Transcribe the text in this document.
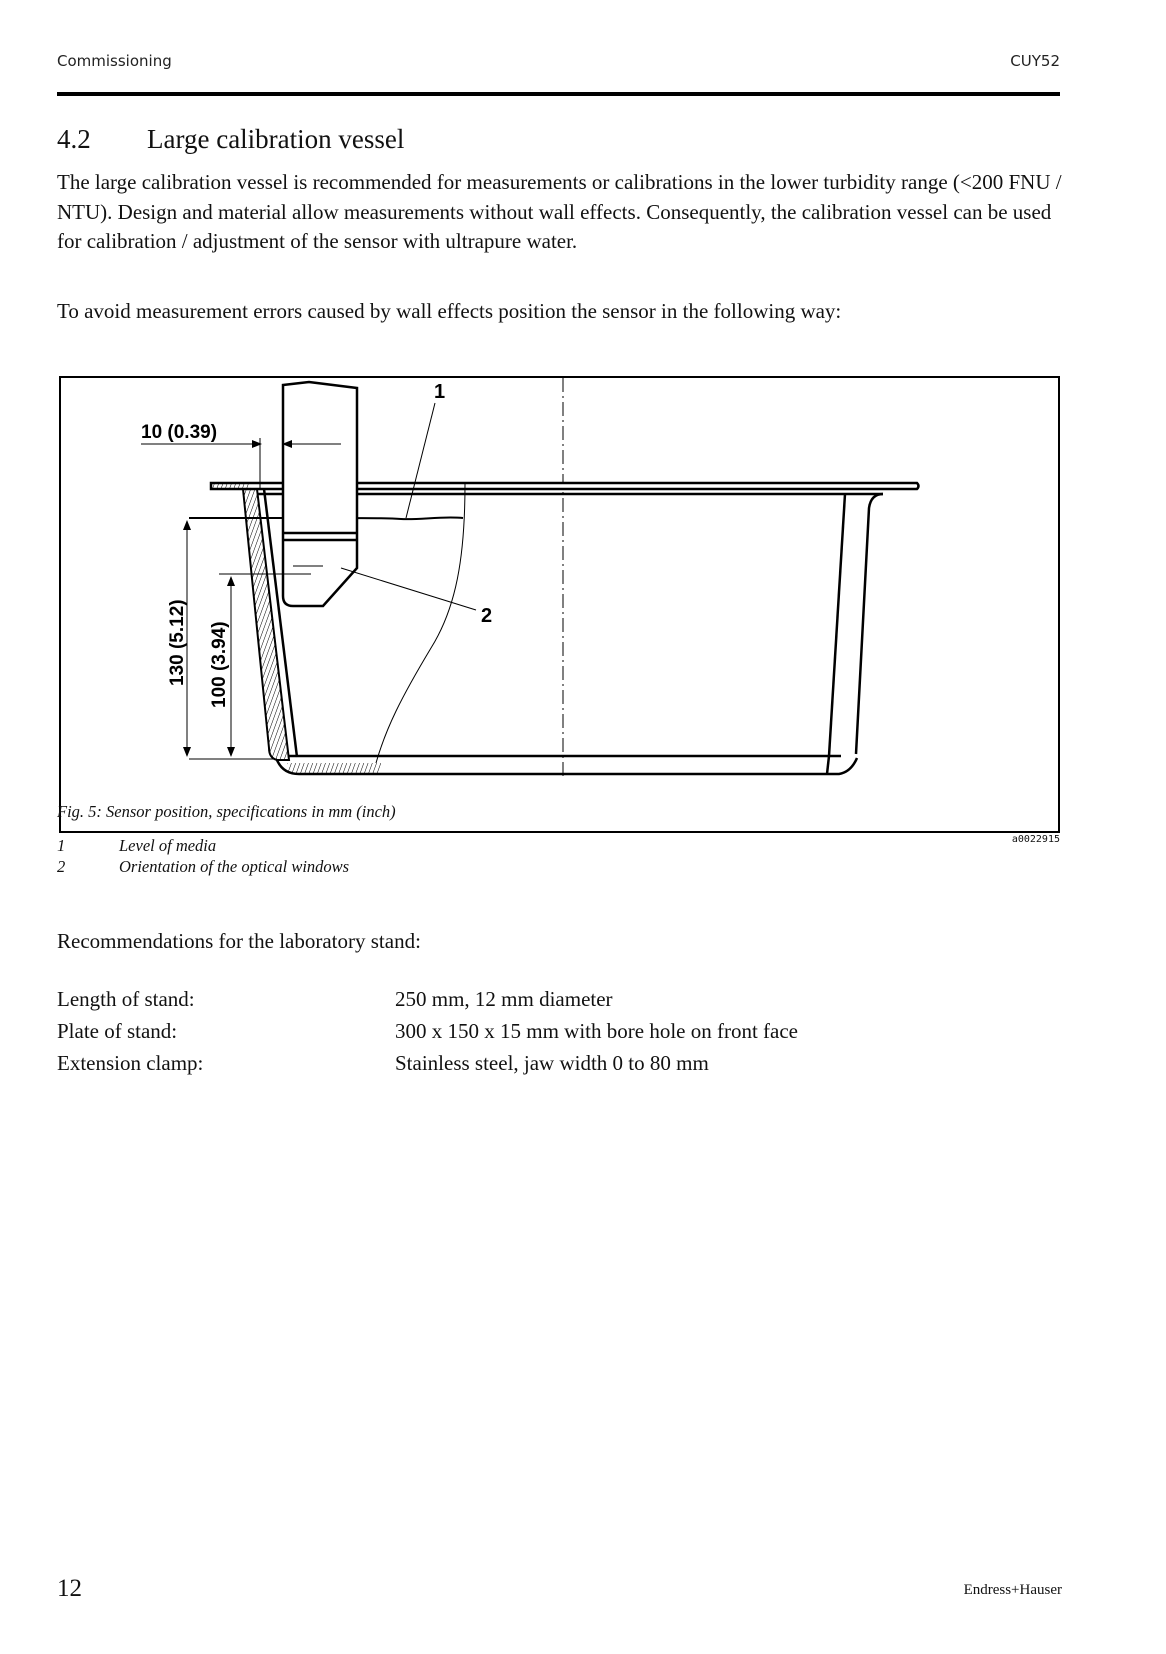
Commissioning	CUY52
4.2 Large calibration vessel
The large calibration vessel is recommended for measurements or calibrations in the lower turbidity range (<200 FNU / NTU). Design and material allow measurements without wall effects. Consequently, the calibration vessel can be used for calibration / adjustment of the sensor with ultrapure water.
To avoid measurement errors caused by wall effects position the sensor in the following way:
10 (0.39)
130 (5.12) 100 (3.94)
1
2
a0022915
Fig. 5: Sensor position, specifications in mm (inch)
1	Level of media
2	Orientation of the optical windows
Recommendations for the laboratory stand:
Length of stand:	250 mm, 12 mm diameter
Plate of stand:	300 x 150 x 15 mm with bore hole on front face
Extension clamp:	Stainless steel, jaw width 0 to 80 mm
12	Endress+Hauser
